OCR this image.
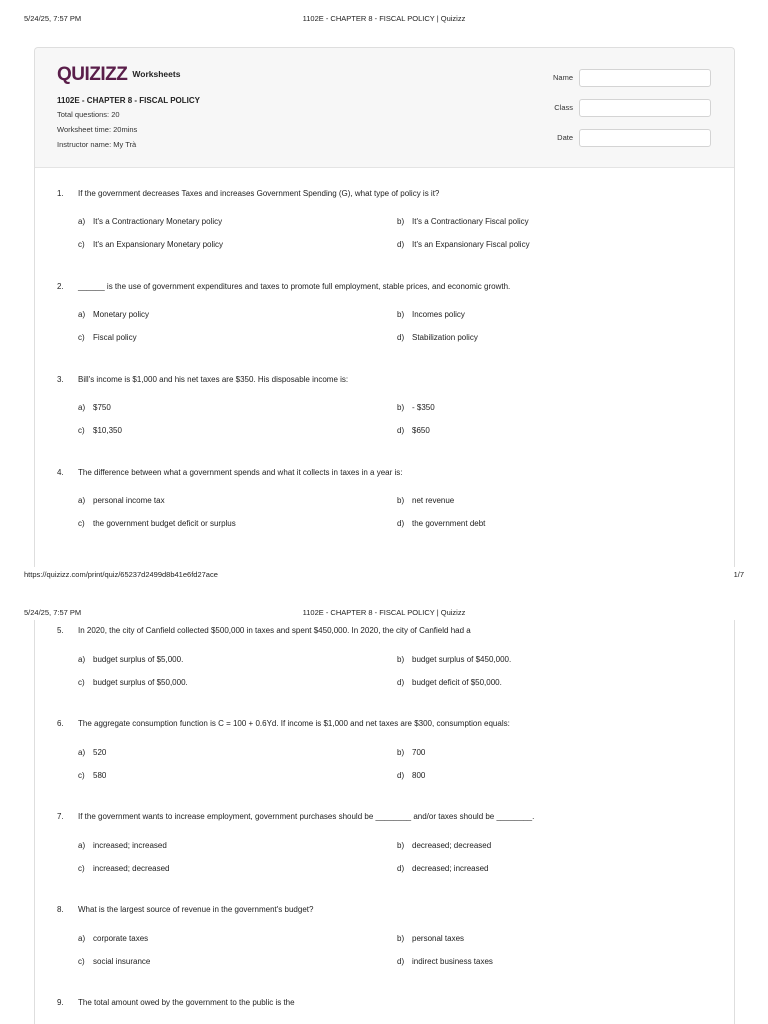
5/24/25, 7:57 PM	1102E - CHAPTER 8 - FISCAL POLICY | Quizizz
QUIZIZZ Worksheets
1102E - CHAPTER 8 - FISCAL POLICY
Total questions: 20
Worksheet time: 20mins
Instructor name: My Trà
Name
Class
Date
1. If the government decreases Taxes and increases Government Spending (G), what type of policy is it?
a) It's a Contractionary Monetary policy	b) It's a Contractionary Fiscal policy
c) It's an Expansionary Monetary policy	d) It's an Expansionary Fiscal policy
2. ______ is the use of government expenditures and taxes to promote full employment, stable prices, and economic growth.
a) Monetary policy	b) Incomes policy
c) Fiscal policy	d) Stabilization policy
3. Bill's income is $1,000 and his net taxes are $350. His disposable income is:
a) $750	b) - $350
c) $10,350	d) $650
4. The difference between what a government spends and what it collects in taxes in a year is:
a) personal income tax	b) net revenue
c) the government budget deficit or surplus	d) the government debt
https://quizizz.com/print/quiz/65237d2499d8b41e6fd27ace	1/7
5/24/25, 7:57 PM	1102E - CHAPTER 8 - FISCAL POLICY | Quizizz
5. In 2020, the city of Canfield collected $500,000 in taxes and spent $450,000. In 2020, the city of Canfield had a
a) budget surplus of $5,000.	b) budget surplus of $450,000.
c) budget surplus of $50,000.	d) budget deficit of $50,000.
6. The aggregate consumption function is C = 100 + 0.6Yd. If income is $1,000 and net taxes are $300, consumption equals:
a) 520	b) 700
c) 580	d) 800
7. If the government wants to increase employment, government purchases should be ________ and/or taxes should be ________.
a) increased; increased	b) decreased; decreased
c) increased; decreased	d) decreased; increased
8. What is the largest source of revenue in the government's budget?
a) corporate taxes	b) personal taxes
c) social insurance	d) indirect business taxes
9. The total amount owed by the government to the public is the
